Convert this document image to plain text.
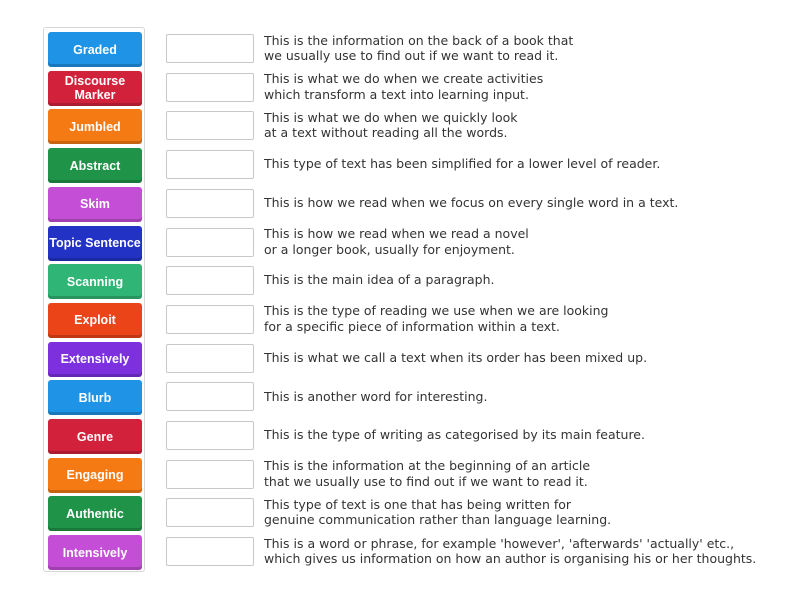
Graded
Discourse Marker
Jumbled
Abstract
Skim
Topic Sentence
Scanning
Exploit
Extensively
Blurb
Genre
Engaging
Authentic
Intensively
This is the information on the back of a book that
we usually use to find out if we want to read it.
This is what we do when we create activities
which transform a text into learning input.
This is what we do when we quickly look
at a text without reading all the words.
This type of text has been simplified for a lower level of reader.
This is how we read when we focus on every single word in a text.
This is how we read when we read a novel
or a longer book, usually for enjoyment.
This is the main idea of a paragraph.
This is the type of reading we use when we are looking
for a specific piece of information within a text.
This is what we call a text when its order has been mixed up.
This is another word for interesting.
This is the type of writing as categorised by its main feature.
This is the information at the beginning of an article
that we usually use to find out if we want to read it.
This type of text is one that has being written for
genuine communication rather than language learning.
This is a word or phrase, for example 'however', 'afterwards' 'actually' etc.,
which gives us information on how an author is organising his or her thoughts.
